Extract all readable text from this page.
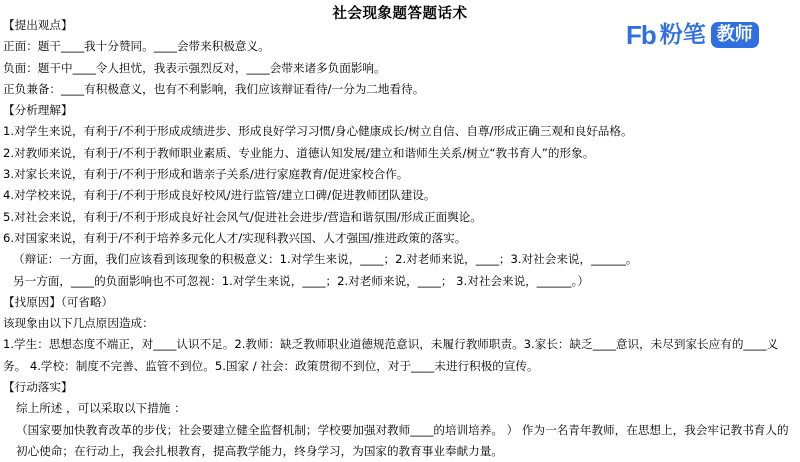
社会现象题答题话术
Fb 粉笔 教师
【提出观点】
正面：题干____我十分赞同。____会带来积极意义。
负面：题干中____令人担忧，我表示强烈反对，____会带来诸多负面影响。
正负兼备：____有积极意义，也有不利影响，我们应该辩证看待/一分为二地看待。
【分析理解】
1.对学生来说，有利于/不利于形成成绩进步、形成良好学习习惯/身心健康成长/树立自信、自尊/形成正确三观和良好品格。
2.对教师来说，有利于/不利于教师职业素质、专业能力、道德认知发展/建立和谐师生关系/树立“教书育人”的形象。
3.对家长来说，有利于/不利于形成和谐亲子关系/进行家庭教育/促进家校合作。
4.对学校来说，有利于/不利于形成良好校风/进行监管/建立口碑/促进教师团队建设。
5.对社会来说，有利于/不利于形成良好社会风气/促进社会进步/营造和谐氛围/形成正面舆论。
6.对国家来说，有利于/不利于培养多元化人才/实现科教兴国、人才强国/推进政策的落实。
（辩证：一方面，我们应该看到该现象的积极意义：1.对学生来说，____；2.对老师来说，____；3.对社会来说，______。
另一方面，____的负面影响也不可忽视：1.对学生来说，____；2.对老师来说，____； 3.对社会来说，______。）
【找原因】（可省略）
该现象由以下几点原因造成：
1.学生：思想态度不端正，对____认识不足。2.教师：缺乏教师职业道德规范意识，未履行教师职责。3.家长：缺乏____意识，未尽到家长应有的____义务。 4.学校：制度不完善、监管不到位。5.国家 / 社会：政策贯彻不到位，对于____未进行积极的宣传。
【行动落实】
综上所述 ，可以采取以下措施 ：
（国家要加快教育改革的步伐；社会要建立健全监督机制；学校要加强对教师____的培训培养。 ） 作为一名青年教师，在思想上，我会牢记教书育人的初心使命；在行动上，我会扎根教育，提高教学能力，终身学习，为国家的教育事业奉献力量。
